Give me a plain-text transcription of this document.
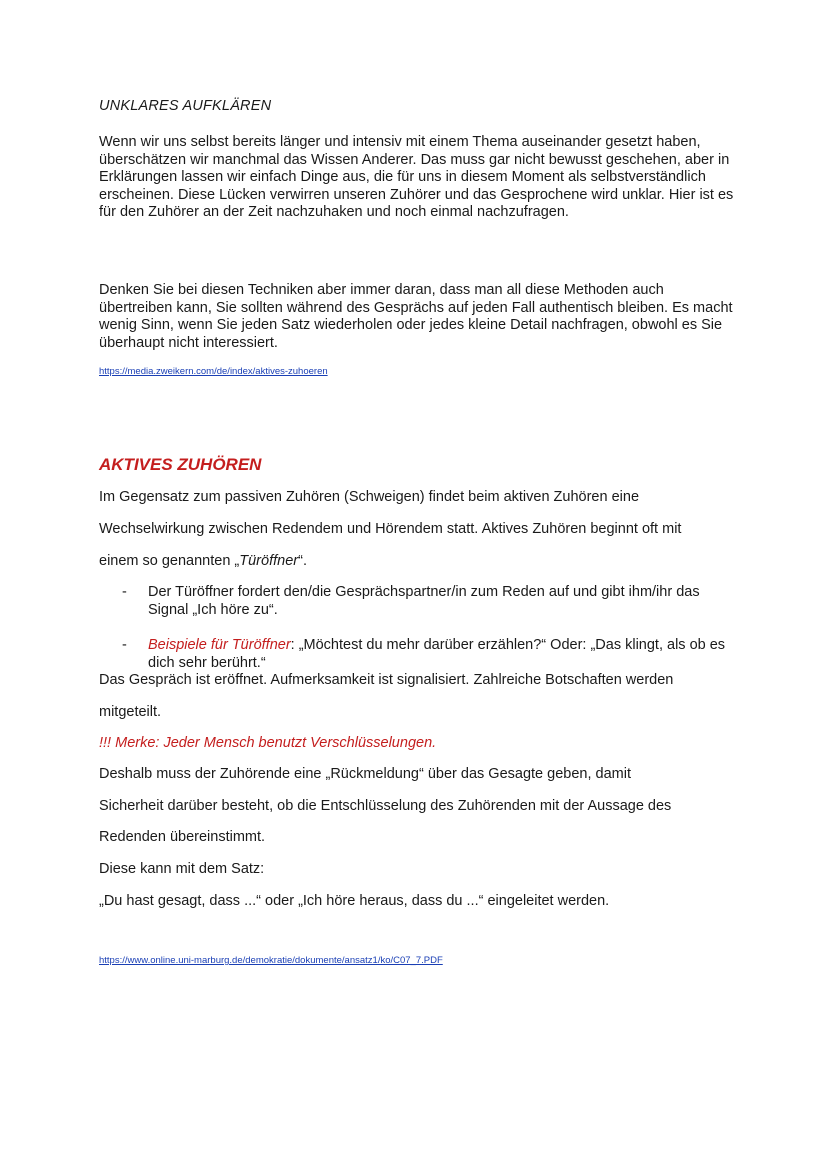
UNKLARES AUFKLÄREN

Wenn wir uns selbst bereits länger und intensiv mit einem Thema auseinander gesetzt haben, überschätzen wir manchmal das Wissen Anderer. Das muss gar nicht bewusst geschehen, aber in Erklärungen lassen wir einfach Dinge aus, die für uns in diesem Moment als selbstverständlich erscheinen. Diese Lücken verwirren unseren Zuhörer und das Gesprochene wird unklar. Hier ist es für den Zuhörer an der Zeit nachzuhaken und noch einmal nachzufragen.

Denken Sie bei diesen Techniken aber immer daran, dass man all diese Methoden auch übertreiben kann, Sie sollten während des Gesprächs auf jeden Fall authentisch bleiben. Es macht wenig Sinn, wenn Sie jeden Satz wiederholen oder jedes kleine Detail nachfragen, obwohl es Sie überhaupt nicht interessiert.

https://media.zweikern.com/de/index/aktives-zuhoeren
AKTIVES ZUHÖREN
Im Gegensatz zum passiven Zuhören (Schweigen) findet beim aktiven Zuhören eine
Wechselwirkung zwischen Redendem und Hörendem statt. Aktives Zuhören beginnt oft mit
einem so genannten „Türöffner“.
- Der Türöffner fordert den/die Gesprächspartner/in zum Reden auf und gibt ihm/ihr das Signal „Ich höre zu“.
- Beispiele für Türöffner: „Möchtest du mehr darüber erzählen?“ Oder: „Das klingt, als ob es dich sehr berührt.“
Das Gespräch ist eröffnet. Aufmerksamkeit ist signalisiert. Zahlreiche Botschaften werden
mitgeteilt.
!!! Merke: Jeder Mensch benutzt Verschlüsselungen.
Deshalb muss der Zuhörende eine „Rückmeldung“ über das Gesagte geben, damit
Sicherheit darüber besteht, ob die Entschlüsselung des Zuhörenden mit der Aussage des
Redenden übereinstimmt.
Diese kann mit dem Satz:
„Du hast gesagt, dass ...“ oder „Ich höre heraus, dass du ...“ eingeleitet werden.
https://www.online.uni-marburg.de/demokratie/dokumente/ansatz1/ko/C07_7.PDF
